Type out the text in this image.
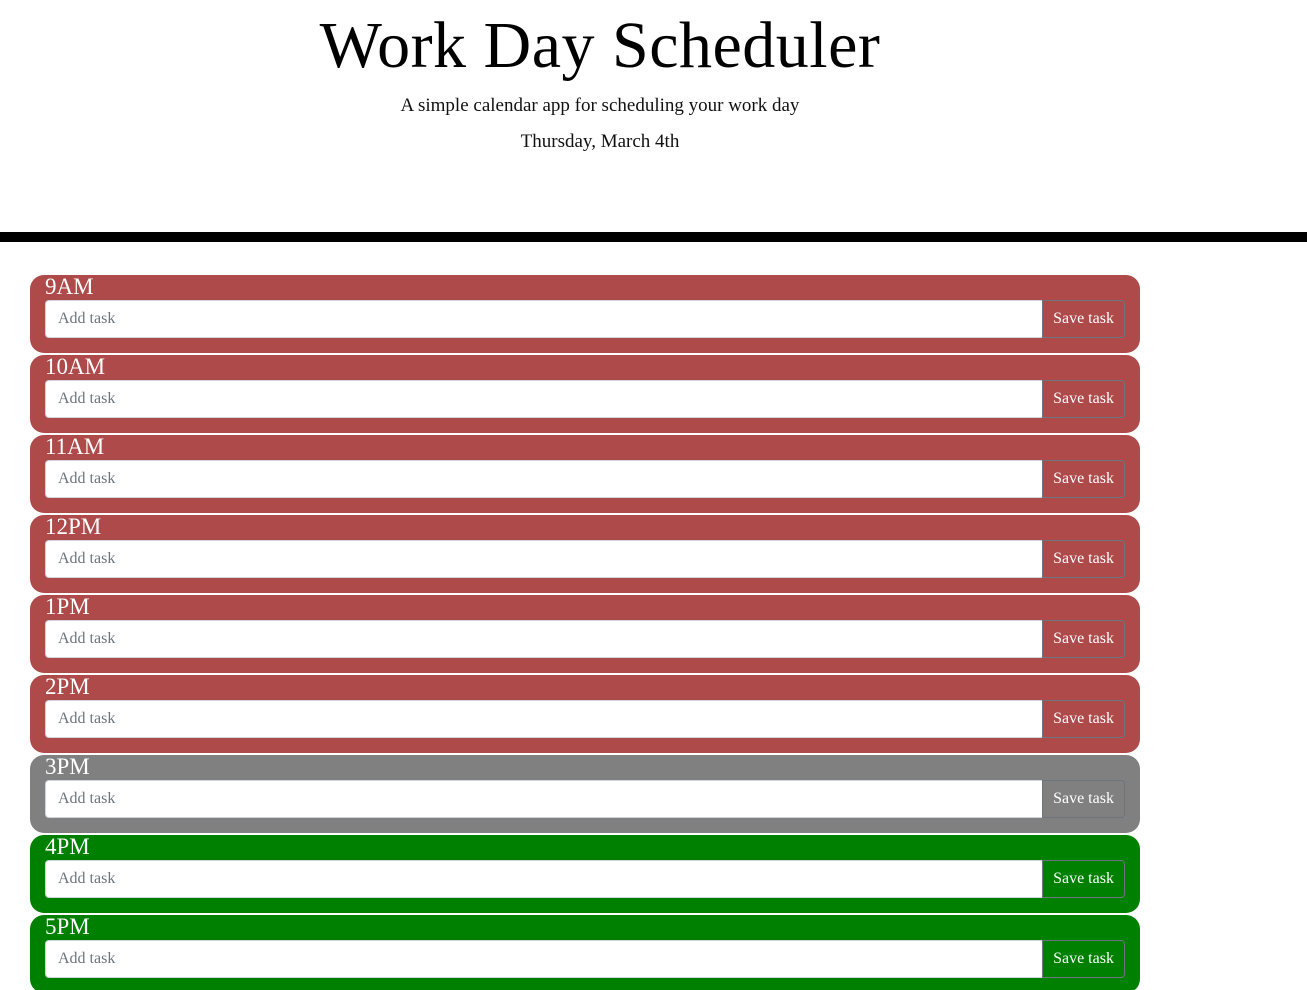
Work Day Scheduler

A simple calendar app for scheduling your work day

Thursday, March 4th

9AM
Add task
Save task
10AM
Add task
Save task
11AM
Add task
Save task
12PM
Add task
Save task
1PM
Add task
Save task
2PM
Add task
Save task
3PM
Add task
Save task
4PM
Add task
Save task
5PM
Add task
Save task
